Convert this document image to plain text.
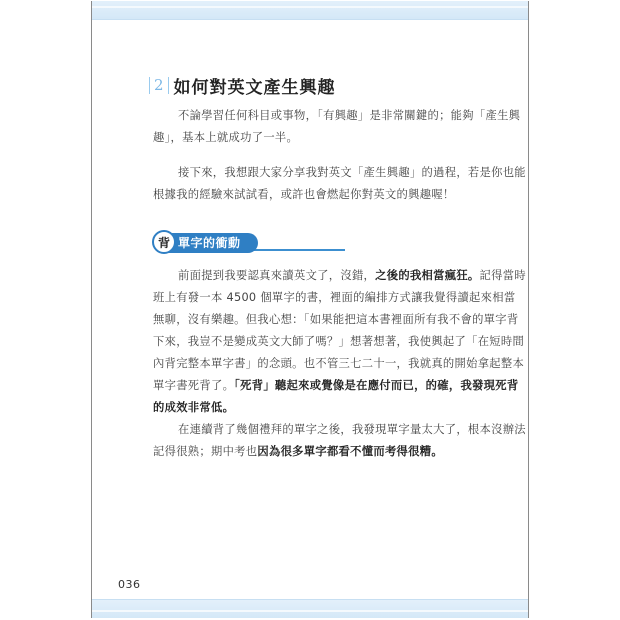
2 如何對英文產生興趣

不論學習任何科目或事物，「有興趣」是非常關鍵的；能夠「產生興趣」，基本上就成功了一半。

接下來，我想跟大家分享我對英文「產生興趣」的過程，若是你也能根據我的經驗來試試看，或許也會燃起你對英文的興趣喔！

單字的衝動
背

前面提到我要認真來讀英文了，沒錯，之後的我相當瘋狂。記得當時班上有發一本 4500 個單字的書，裡面的編排方式讓我覺得讀起來相當無聊，沒有樂趣。但我心想：「如果能把這本書裡面所有我不會的單字背下來，我豈不是變成英文大師了嗎？」想著想著，我使興起了「在短時間內背完整本單字書」的念頭。也不管三七二十一，我就真的開始拿起整本單字書死背了。「死背」聽起來或覺像是在應付而已，的確，我發現死背的成效非常低。

在連續背了幾個禮拜的單字之後，我發現單字量太大了，根本沒辦法記得很熟；期中考也因為很多單字都看不懂而考得很糟。

036
